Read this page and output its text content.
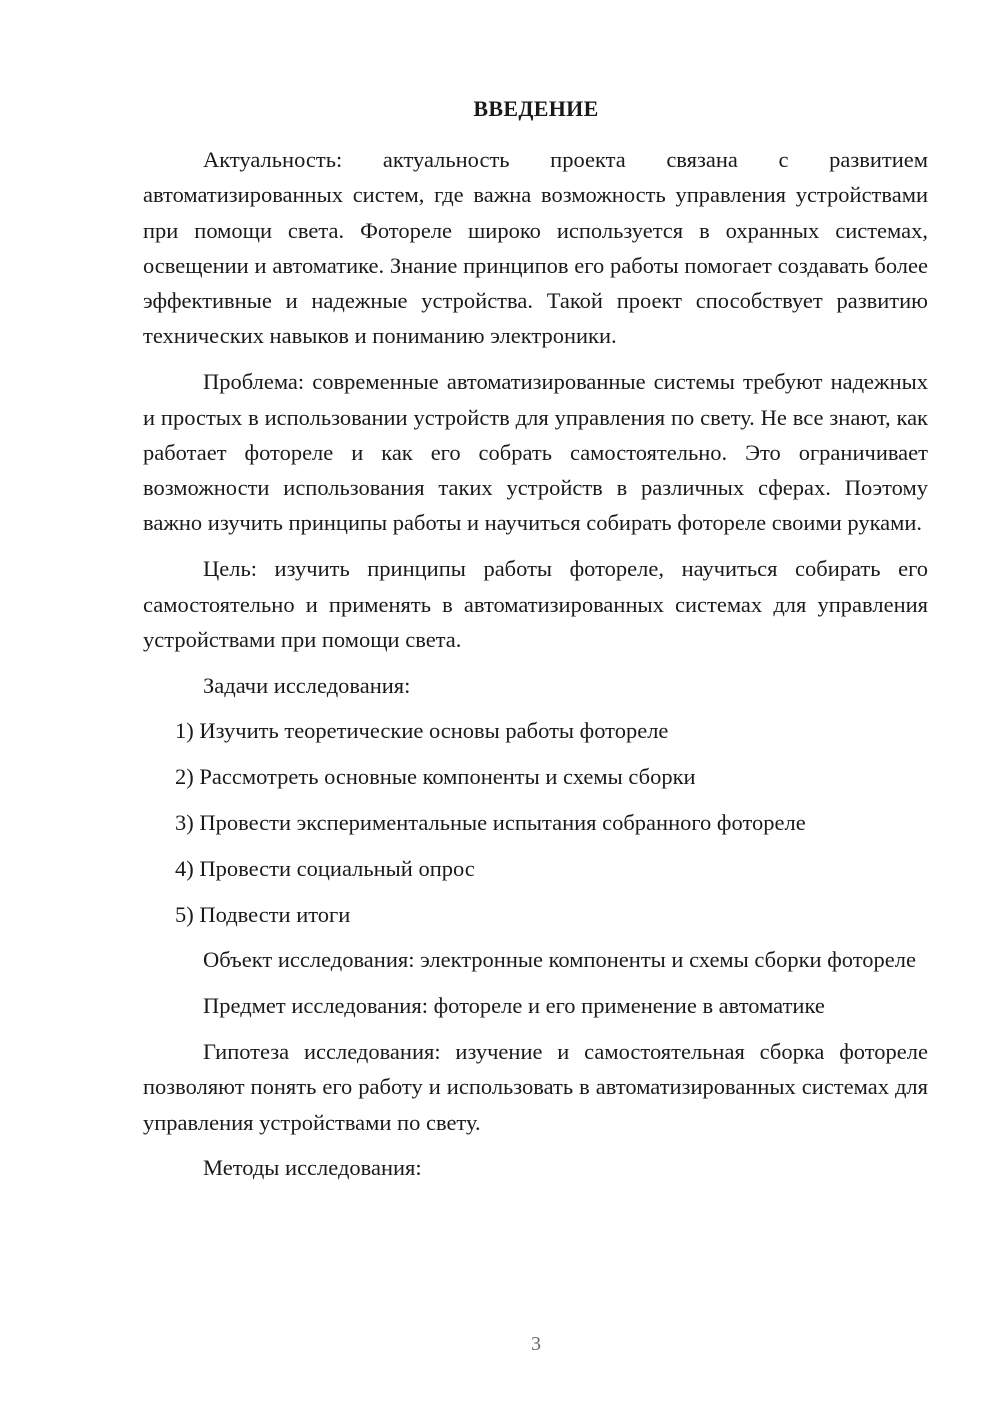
ВВЕДЕНИЕ

Актуальность: актуальность проекта связана с развитием автоматизированных систем, где важна возможность управления устройствами при помощи света. Фотореле широко используется в охранных системах, освещении и автоматике. Знание принципов его работы помогает создавать более эффективные и надежные устройства. Такой проект способствует развитию технических навыков и пониманию электроники.

Проблема: современные автоматизированные системы требуют надежных и простых в использовании устройств для управления по свету. Не все знают, как работает фотореле и как его собрать самостоятельно. Это ограничивает возможности использования таких устройств в различных сферах. Поэтому важно изучить принципы работы и научиться собирать фотореле своими руками.

Цель: изучить принципы работы фотореле, научиться собирать его самостоятельно и применять в автоматизированных системах для управления устройствами при помощи света.

Задачи исследования:

1) Изучить теоретические основы работы фотореле
2) Рассмотреть основные компоненты и схемы сборки
3) Провести экспериментальные испытания собранного фотореле
4) Провести социальный опрос
5) Подвести итоги

Объект исследования: электронные компоненты и схемы сборки фотореле

Предмет исследования: фотореле и его применение в автоматике

Гипотеза исследования: изучение и самостоятельная сборка фотореле позволяют понять его работу и использовать в автоматизированных системах для управления устройствами по свету.

Методы исследования:

3
